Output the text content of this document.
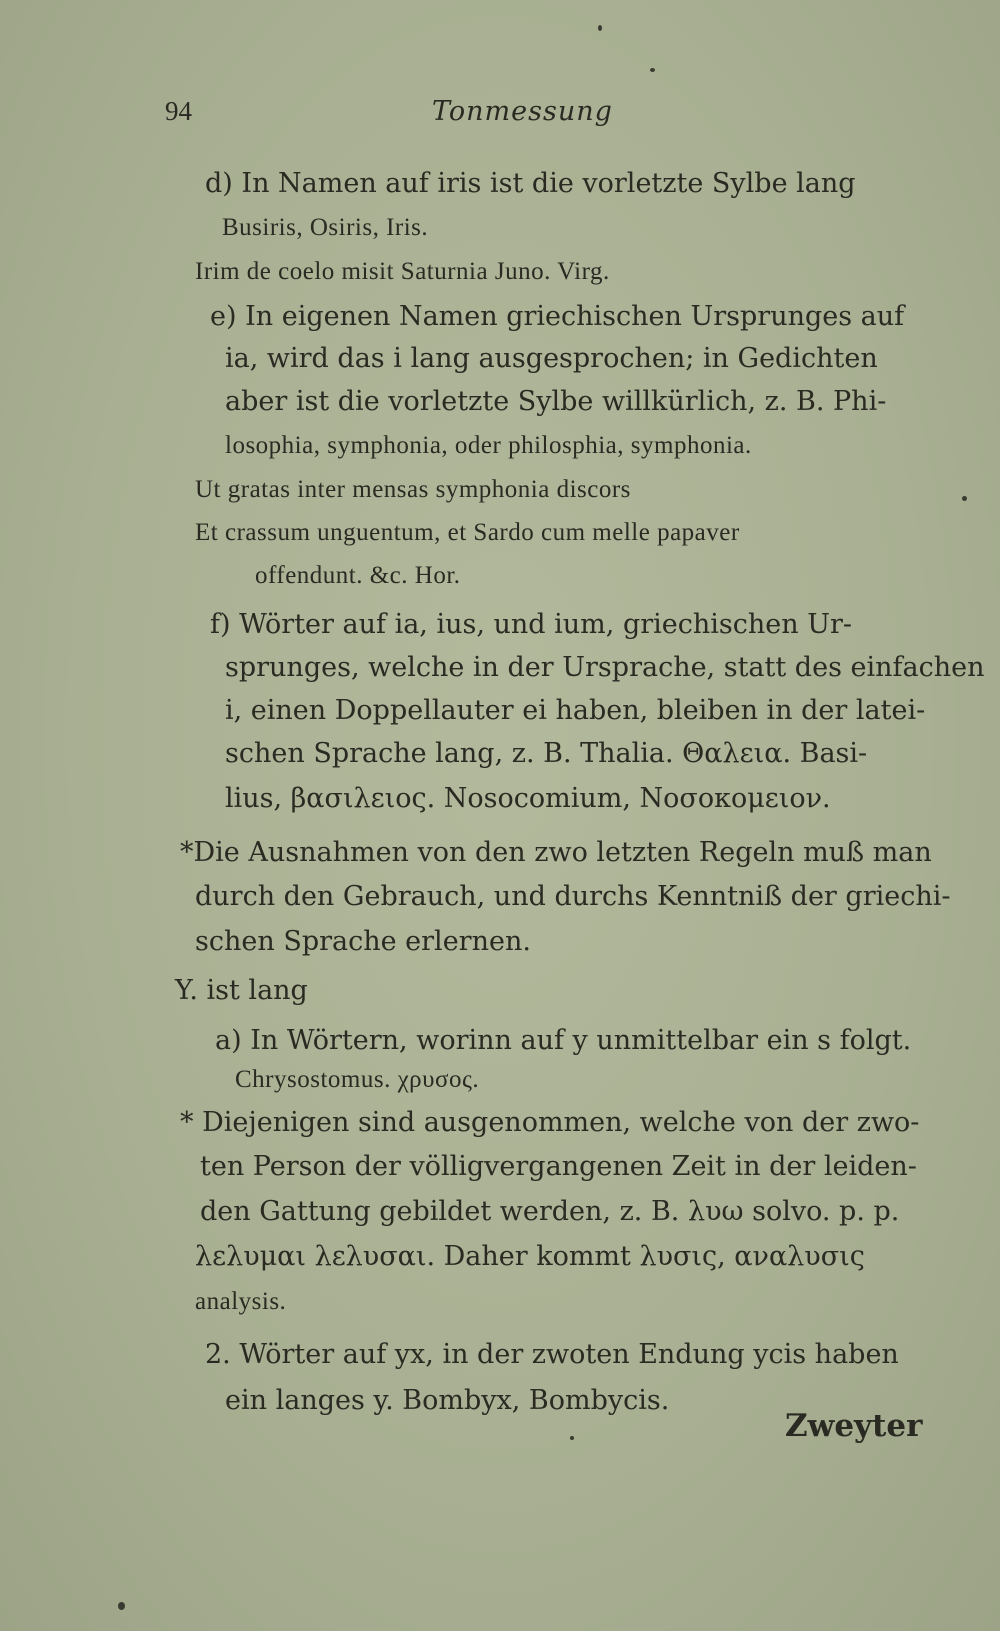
94	Tonmessung
d) In Namen auf iris ist die vorletzte Sylbe lang
Busiris, Osiris, Iris.
Irim de coelo misit Saturnia Juno. Virg.
e) In eigenen Namen griechischen Ursprunges auf
ia, wird das i lang ausgesprochen; in Gedichten
aber ist die vorletzte Sylbe willkürlich, z. B. Phi-
losophia, symphonia, oder philosphia, symphonia.
Ut gratas inter mensas symphonia discors
Et crassum unguentum, et Sardo cum melle papaver
offendunt. &c. Hor.
f) Wörter auf ia, ius, und ium, griechischen Ur-
sprunges, welche in der Ursprache, statt des einfachen
i, einen Doppellauter ei haben, bleiben in der latei-
schen Sprache lang, z. B. Thalia. Θαλεια. Basi-
lius, βασιλειος. Nosocomium, Νοσοκομειον.
*Die Ausnahmen von den zwo letzten Regeln muß man
durch den Gebrauch, und durchs Kenntniß der griechi-
schen Sprache erlernen.
Y. ist lang
a) In Wörtern, worinn auf y unmittelbar ein s folgt.
Chrysostomus. χρυσος.
* Diejenigen sind ausgenommen, welche von der zwo-
ten Person der völligvergangenen Zeit in der leiden-
den Gattung gebildet werden, z. B. λυω solvo. p. p.
λελυμαι λελυσαι. Daher kommt λυσις, αναλυσις
analysis.
2. Wörter auf yx, in der zwoten Endung ycis haben
ein langes y. Bombyx, Bombycis.
Zweyter
